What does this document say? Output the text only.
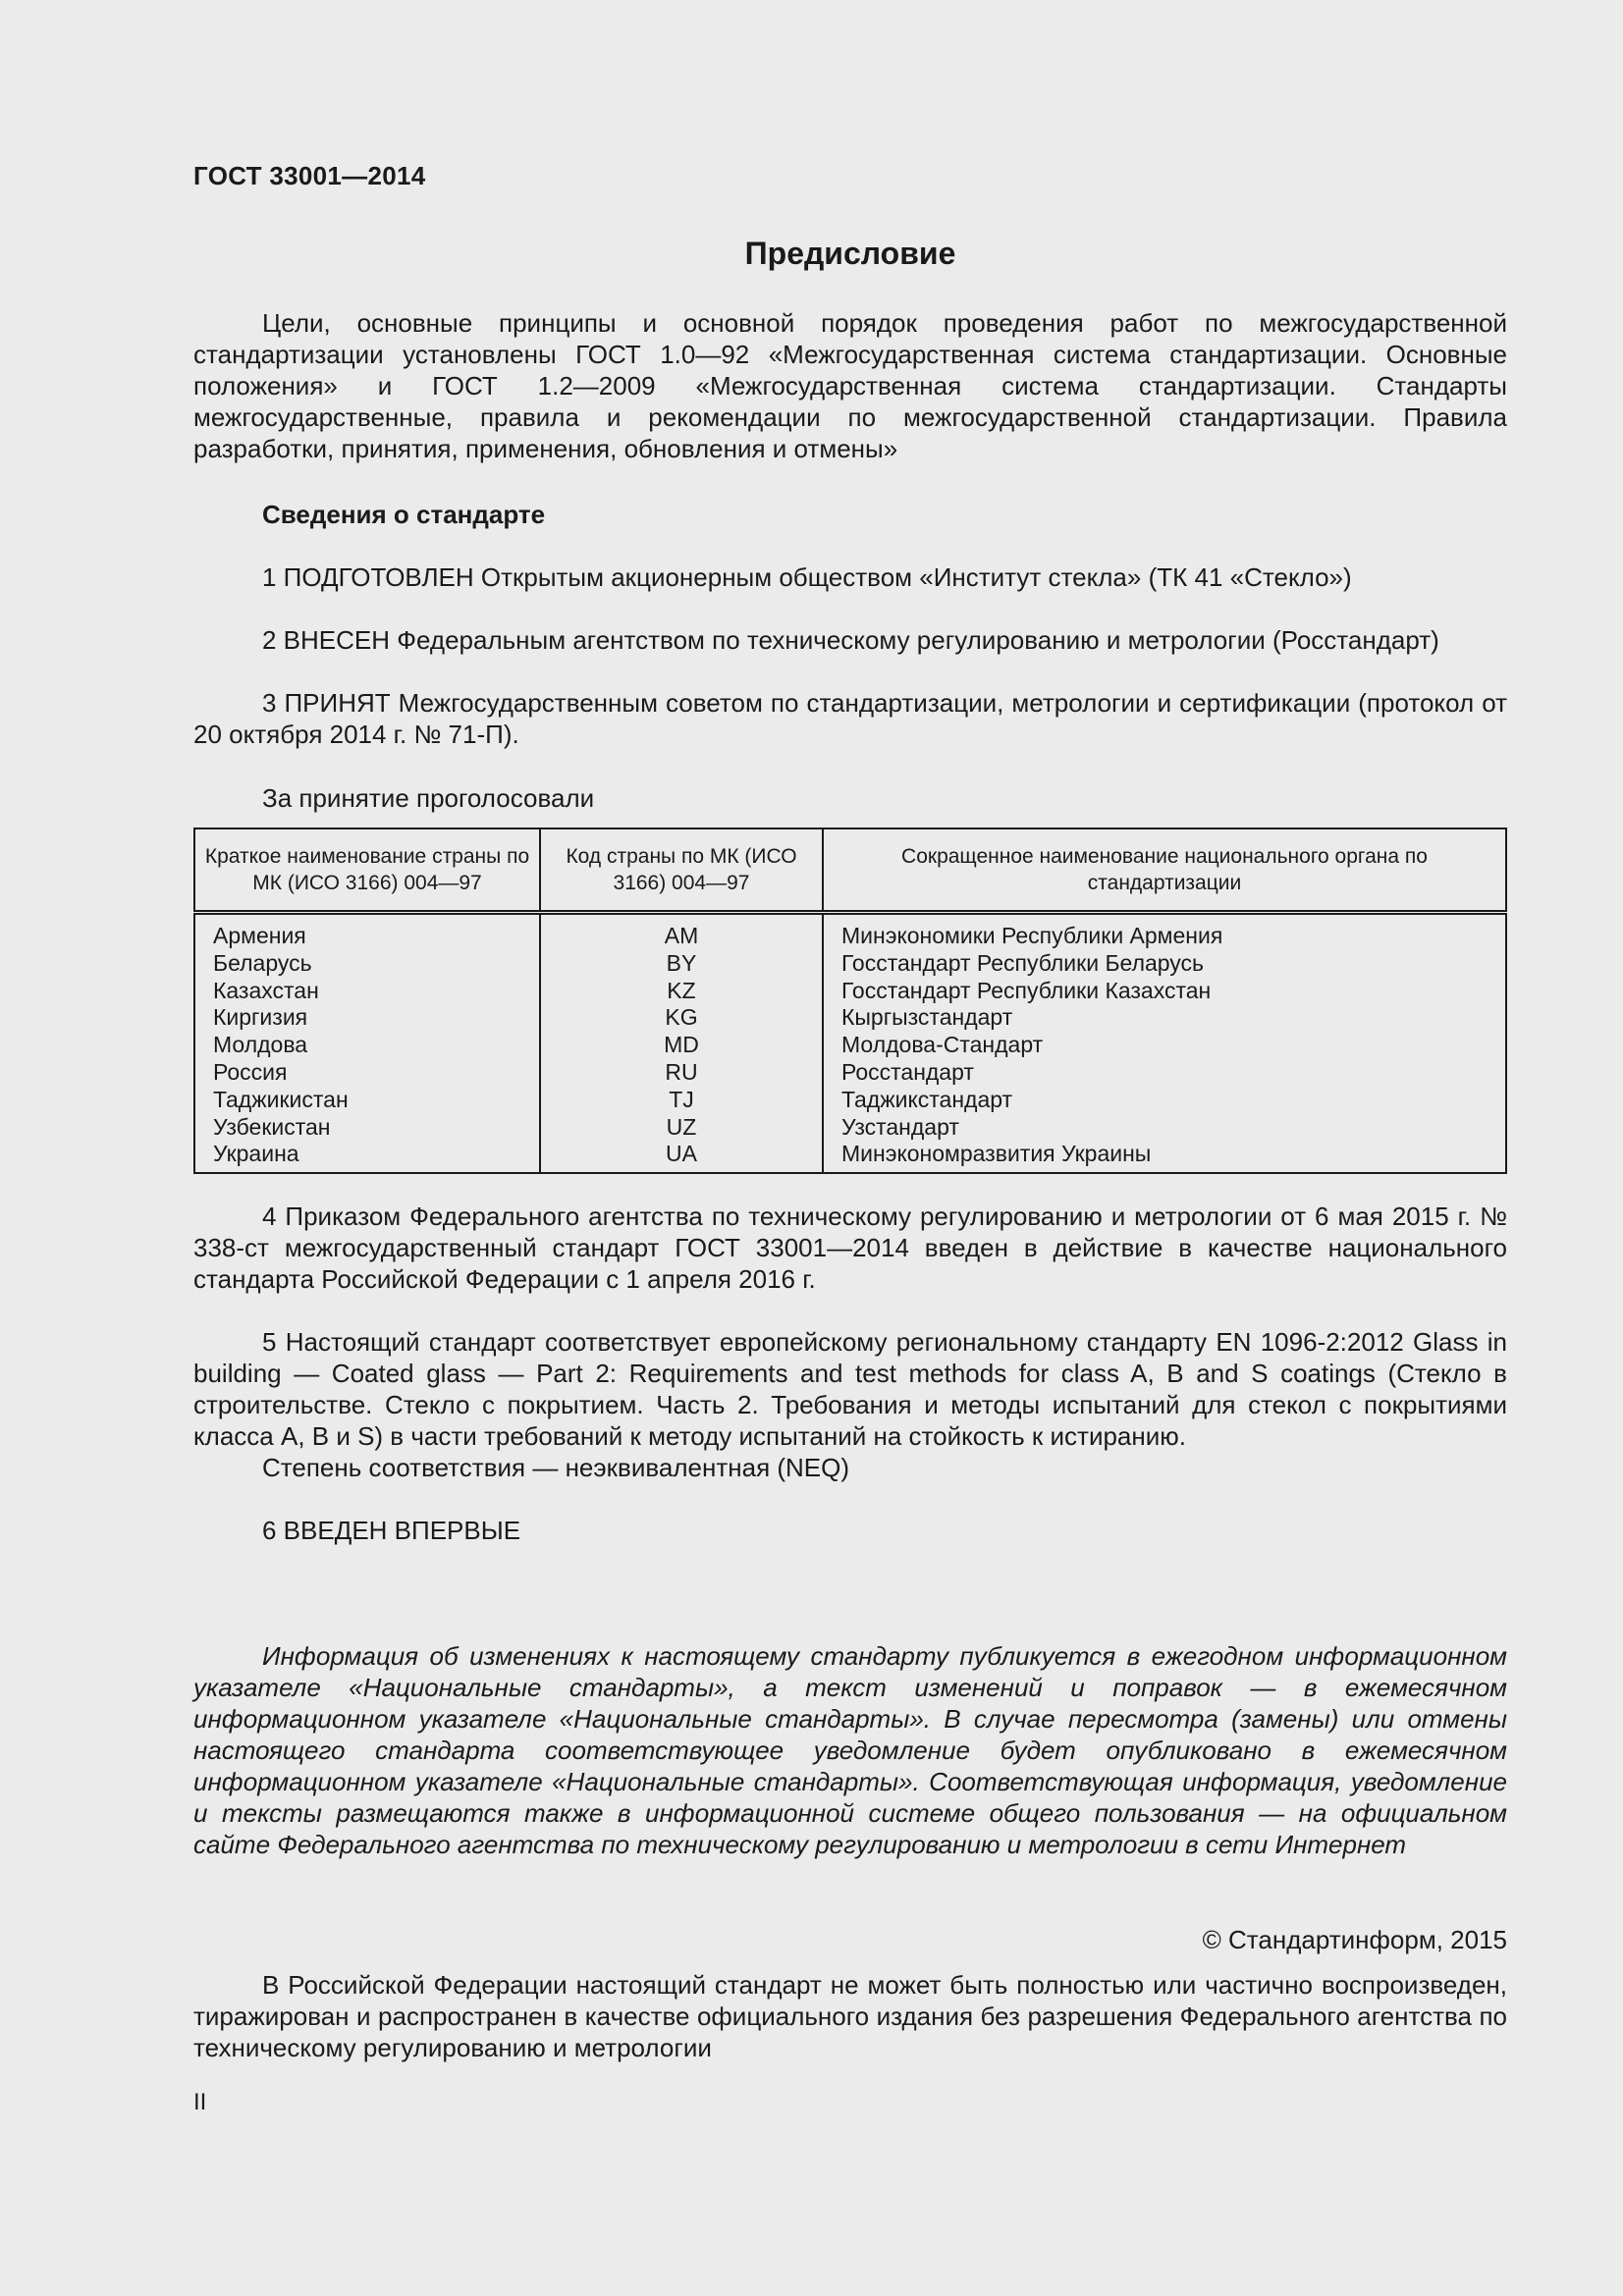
ГОСТ 33001—2014
Предисловие
Цели, основные принципы и основной порядок проведения работ по межгосударственной стандартизации установлены ГОСТ 1.0—92 «Межгосударственная система стандартизации. Основные положения» и ГОСТ 1.2—2009 «Межгосударственная система стандартизации. Стандарты межгосударственные, правила и рекомендации по межгосударственной стандартизации. Правила разработки, принятия, применения, обновления и отмены»
Сведения о стандарте
1 ПОДГОТОВЛЕН Открытым акционерным обществом «Институт стекла» (ТК 41 «Стекло»)
2 ВНЕСЕН Федеральным агентством по техническому регулированию и метрологии (Росстандарт)
3 ПРИНЯТ Межгосударственным советом по стандартизации, метрологии и сертификации (протокол от 20 октября 2014 г. № 71-П).
За принятие проголосовали
Краткое наименование страны по МК (ИСО 3166) 004—97	Код страны по МК (ИСО 3166) 004—97	Сокращенное наименование национального органа по стандартизации
Армения	AM	Минэкономики Республики Армения
Беларусь	BY	Госстандарт Республики Беларусь
Казахстан	KZ	Госстандарт Республики Казахстан
Киргизия	KG	Кыргызстандарт
Молдова	MD	Молдова-Стандарт
Россия	RU	Росстандарт
Таджикистан	TJ	Таджикстандарт
Узбекистан	UZ	Узстандарт
Украина	UA	Минэкономразвития Украины
4 Приказом Федерального агентства по техническому регулированию и метрологии от 6 мая 2015 г. № 338-ст межгосударственный стандарт ГОСТ 33001—2014 введен в действие в качестве национального стандарта Российской Федерации с 1 апреля 2016 г.
5 Настоящий стандарт соответствует европейскому региональному стандарту EN 1096-2:2012 Glass in building — Coated glass — Part 2: Requirements and test methods for class A, B and S coatings (Стекло в строительстве. Стекло с покрытием. Часть 2. Требования и методы испытаний для стекол с покрытиями класса A, B и S) в части требований к методу испытаний на стойкость к истиранию.
Степень соответствия — неэквивалентная (NEQ)
6 ВВЕДЕН ВПЕРВЫЕ
Информация об изменениях к настоящему стандарту публикуется в ежегодном информационном указателе «Национальные стандарты», а текст изменений и поправок — в ежемесячном информационном указателе «Национальные стандарты». В случае пересмотра (замены) или отмены настоящего стандарта соответствующее уведомление будет опубликовано в ежемесячном информационном указателе «Национальные стандарты». Соответствующая информация, уведомление и тексты размещаются также в информационной системе общего пользования — на официальном сайте Федерального агентства по техническому регулированию и метрологии в сети Интернет
© Стандартинформ, 2015
В Российской Федерации настоящий стандарт не может быть полностью или частично воспроизведен, тиражирован и распространен в качестве официального издания без разрешения Федерального агентства по техническому регулированию и метрологии
II
